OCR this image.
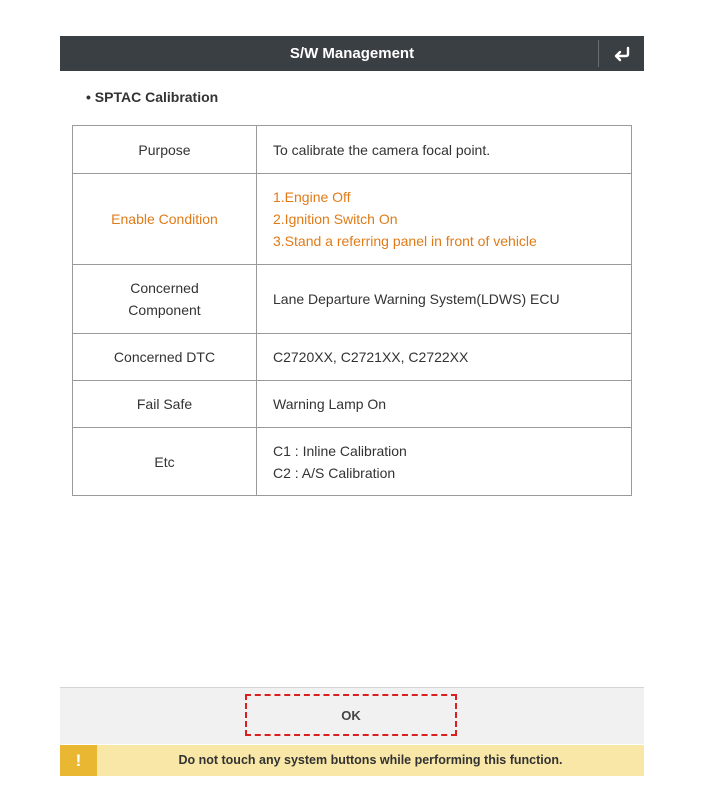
S/W Management
• SPTAC Calibration
Purpose	To calibrate the camera focal point.

Enable Condition	1.Engine Off
2.Ignition Switch On
3.Stand a referring panel in front of vehicle

Concerned
Component	Lane Departure Warning System(LDWS) ECU

Concerned DTC	C2720XX, C2721XX, C2722XX

Fail Safe	Warning Lamp On

Etc	C1 : Inline Calibration
C2 : A/S Calibration
OK
!	Do not touch any system buttons while performing this function.
